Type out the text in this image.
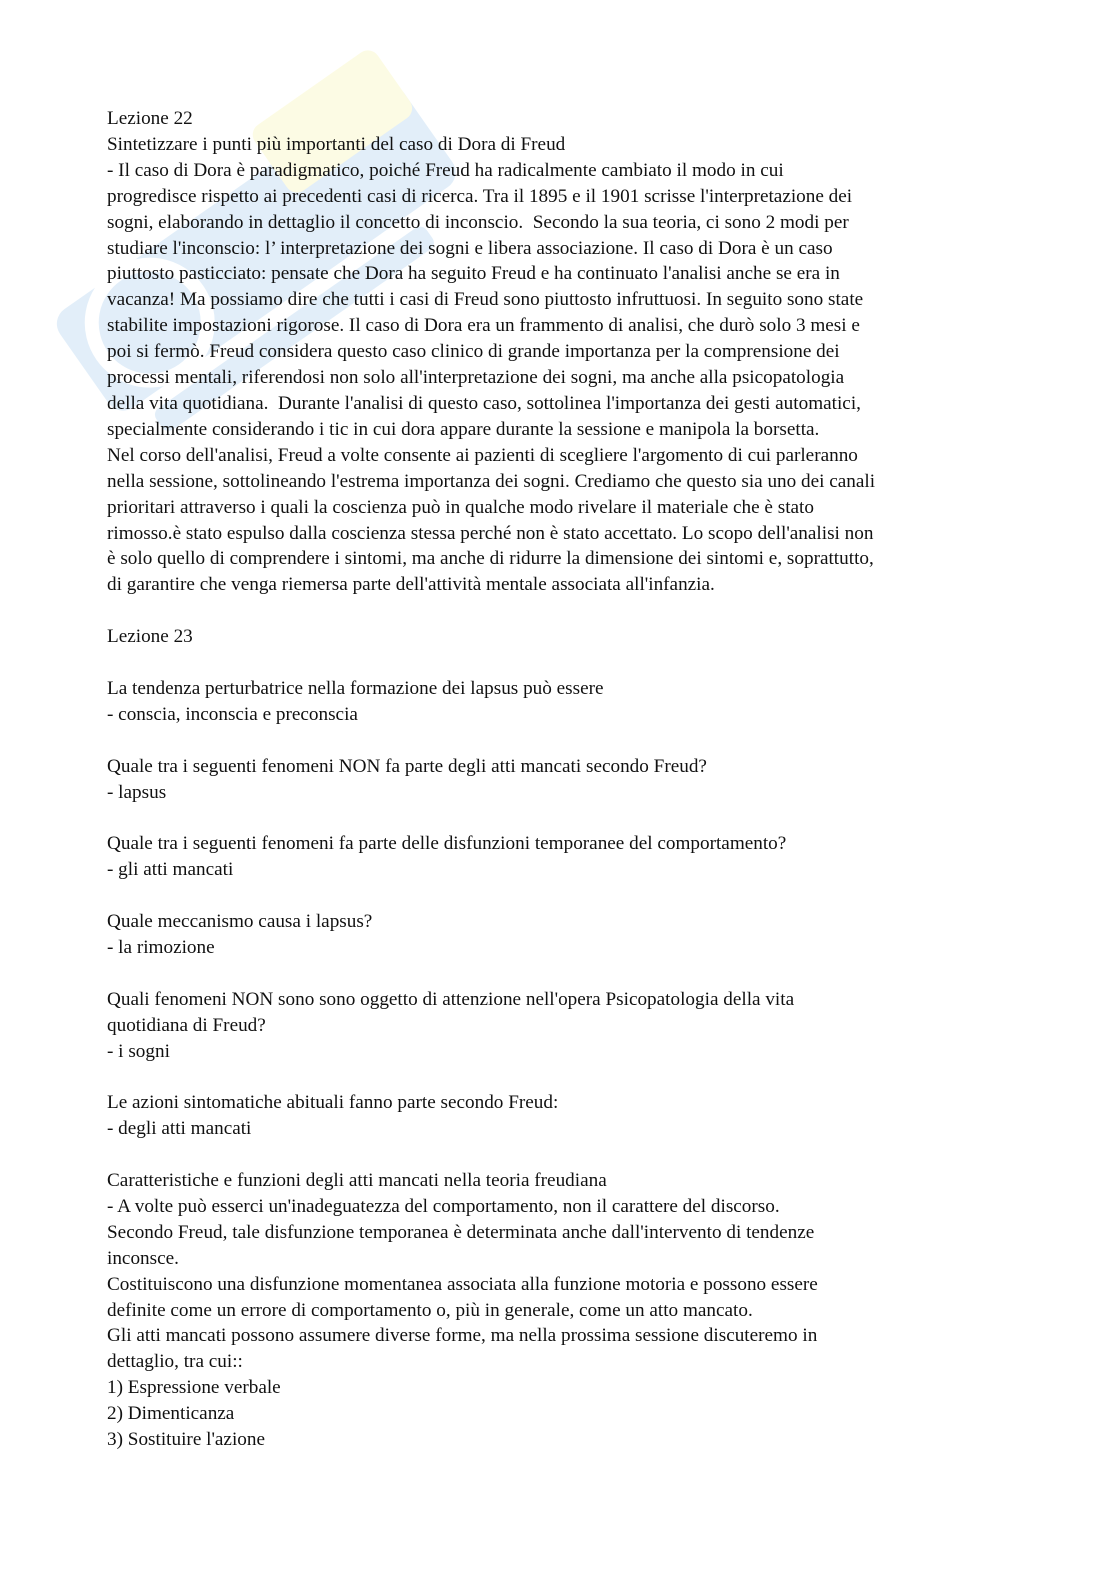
Lezione 22

Sintetizzare i punti più importanti del caso di Dora di Freud

- Il caso di Dora è paradigmatico, poiché Freud ha radicalmente cambiato il modo in cui

progredisce rispetto ai precedenti casi di ricerca. Tra il 1895 e il 1901 scrisse l'interpretazione dei

sogni, elaborando in dettaglio il concetto di inconscio.  Secondo la sua teoria, ci sono 2 modi per

studiare l'inconscio: l’ interpretazione dei sogni e libera associazione. Il caso di Dora è un caso

piuttosto pasticciato: pensate che Dora ha seguito Freud e ha continuato l'analisi anche se era in

vacanza! Ma possiamo dire che tutti i casi di Freud sono piuttosto infruttuosi. In seguito sono state

stabilite impostazioni rigorose. Il caso di Dora era un frammento di analisi, che durò solo 3 mesi e

poi si fermò. Freud considera questo caso clinico di grande importanza per la comprensione dei

processi mentali, riferendosi non solo all'interpretazione dei sogni, ma anche alla psicopatologia

della vita quotidiana.  Durante l'analisi di questo caso, sottolinea l'importanza dei gesti automatici,

specialmente considerando i tic in cui dora appare durante la sessione e manipola la borsetta.

Nel corso dell'analisi, Freud a volte consente ai pazienti di scegliere l'argomento di cui parleranno

nella sessione, sottolineando l'estrema importanza dei sogni. Crediamo che questo sia uno dei canali

prioritari attraverso i quali la coscienza può in qualche modo rivelare il materiale che è stato

rimosso.è stato espulso dalla coscienza stessa perché non è stato accettato. Lo scopo dell'analisi non

è solo quello di comprendere i sintomi, ma anche di ridurre la dimensione dei sintomi e, soprattutto,

di garantire che venga riemersa parte dell'attività mentale associata all'infanzia.

Lezione 23

La tendenza perturbatrice nella formazione dei lapsus può essere

- conscia, inconscia e preconscia

Quale tra i seguenti fenomeni NON fa parte degli atti mancati secondo Freud?

- lapsus

Quale tra i seguenti fenomeni fa parte delle disfunzioni temporanee del comportamento?

- gli atti mancati

Quale meccanismo causa i lapsus?

- la rimozione

Quali fenomeni NON sono sono oggetto di attenzione nell'opera Psicopatologia della vita

quotidiana di Freud?

- i sogni

Le azioni sintomatiche abituali fanno parte secondo Freud:

- degli atti mancati

Caratteristiche e funzioni degli atti mancati nella teoria freudiana

- A volte può esserci un'inadeguatezza del comportamento, non il carattere del discorso.

Secondo Freud, tale disfunzione temporanea è determinata anche dall'intervento di tendenze

inconsce.

Costituiscono una disfunzione momentanea associata alla funzione motoria e possono essere

definite come un errore di comportamento o, più in generale, come un atto mancato.

Gli atti mancati possono assumere diverse forme, ma nella prossima sessione discuteremo in

dettaglio, tra cui::

1) Espressione verbale

2) Dimenticanza

3) Sostituire l'azione
